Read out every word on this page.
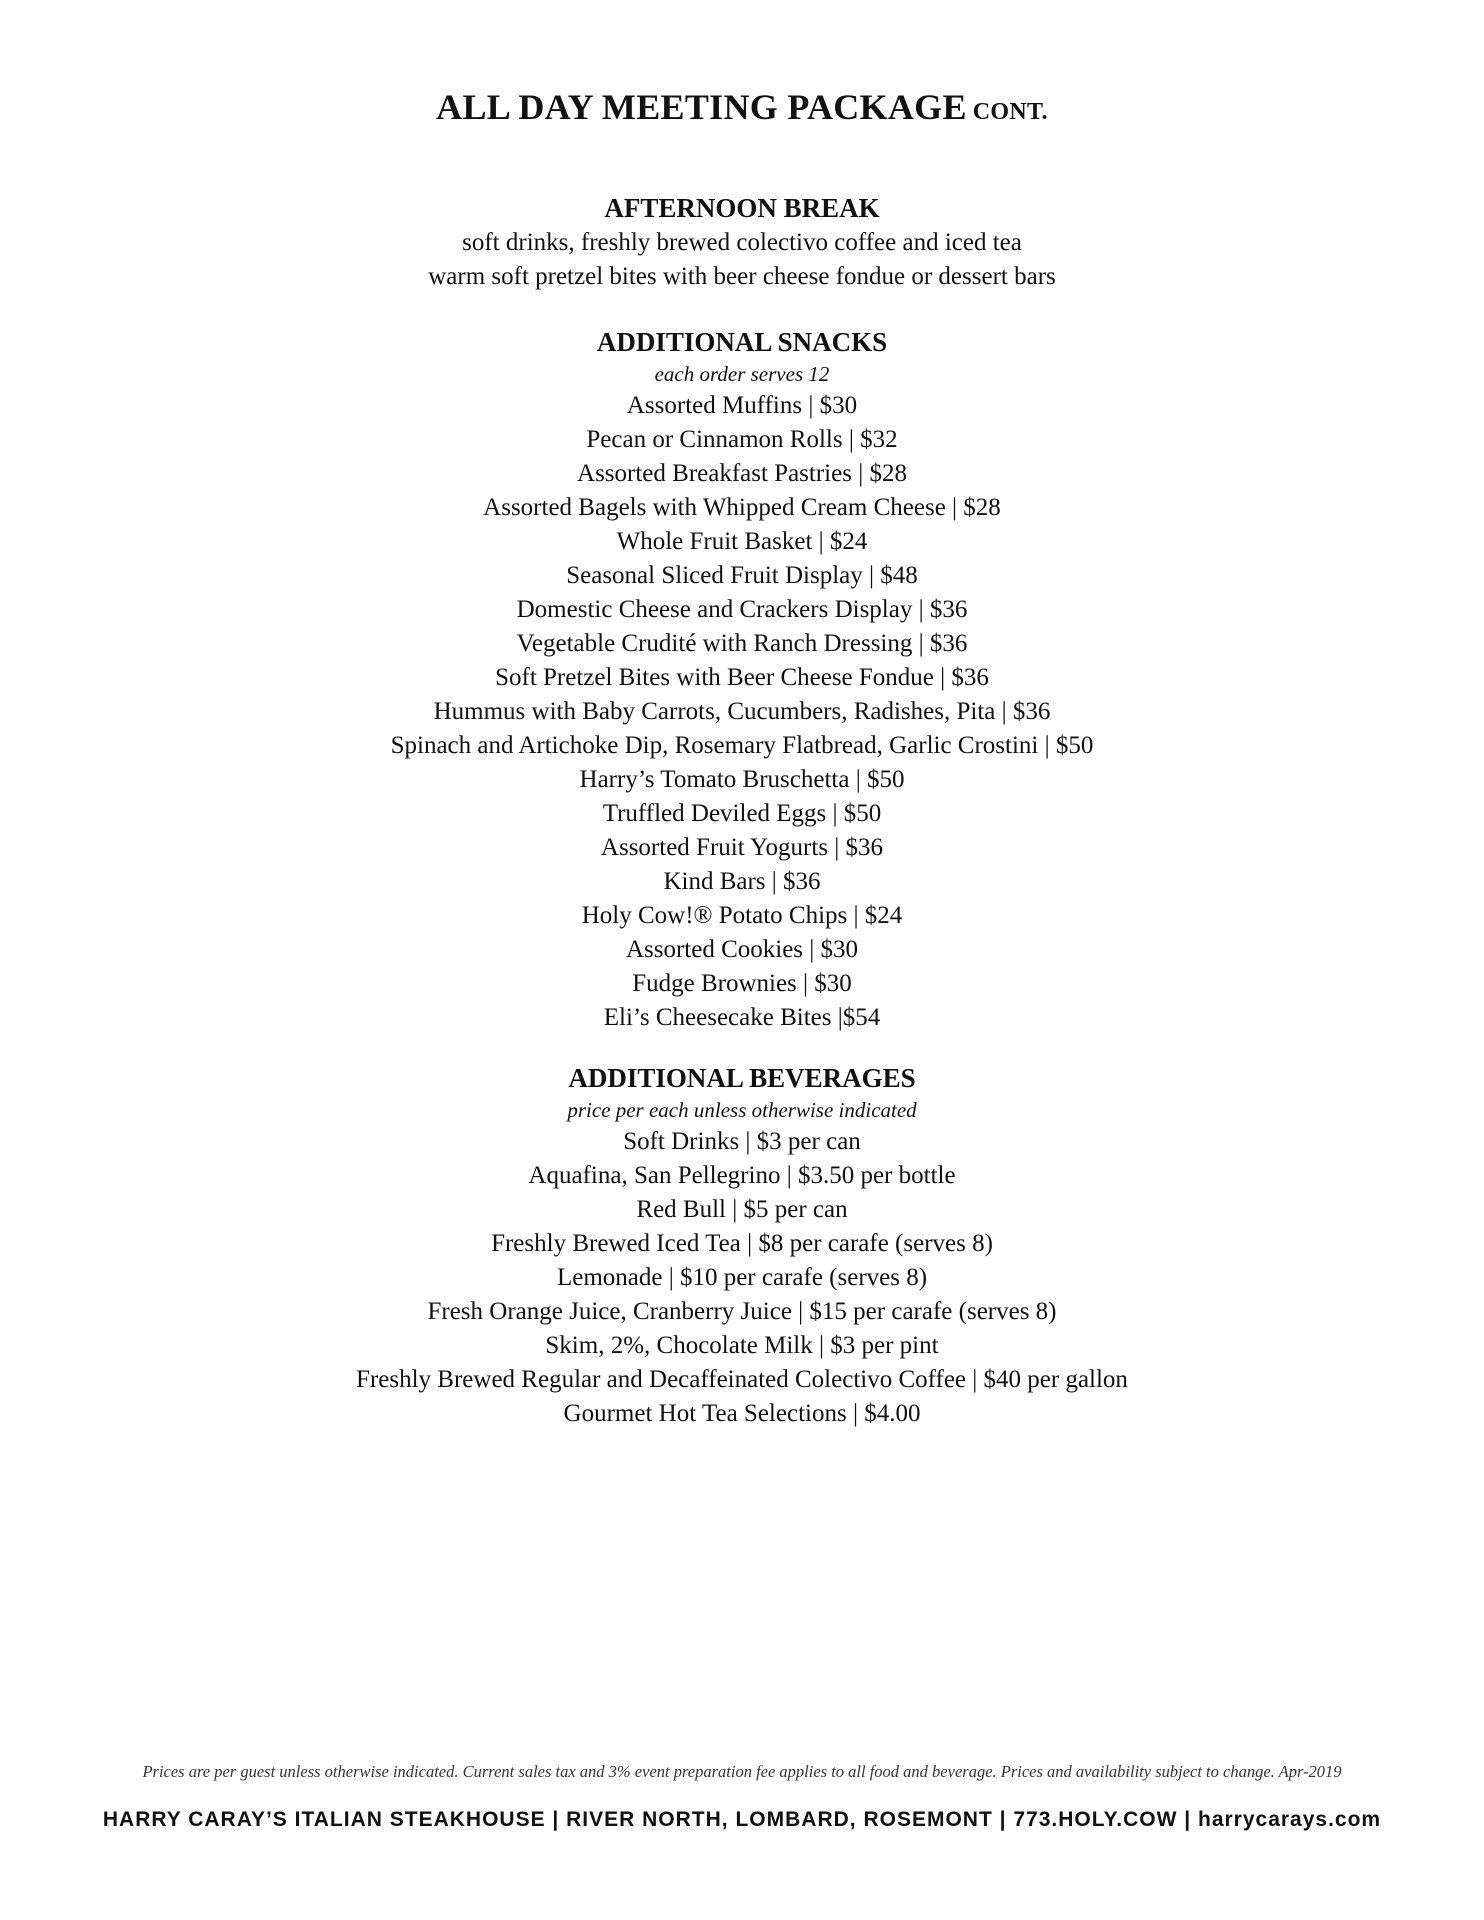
ALL DAY MEETING PACKAGE CONT.
AFTERNOON BREAK
soft drinks, freshly brewed colectivo coffee and iced tea
warm soft pretzel bites with beer cheese fondue or dessert bars
ADDITIONAL SNACKS
each order serves 12
Assorted Muffins | $30
Pecan or Cinnamon Rolls | $32
Assorted Breakfast Pastries | $28
Assorted Bagels with Whipped Cream Cheese | $28
Whole Fruit Basket | $24
Seasonal Sliced Fruit Display | $48
Domestic Cheese and Crackers Display | $36
Vegetable Crudité with Ranch Dressing | $36
Soft Pretzel Bites with Beer Cheese Fondue | $36
Hummus with Baby Carrots, Cucumbers, Radishes, Pita | $36
Spinach and Artichoke Dip, Rosemary Flatbread, Garlic Crostini | $50
Harry’s Tomato Bruschetta | $50
Truffled Deviled Eggs | $50
Assorted Fruit Yogurts | $36
Kind Bars | $36
Holy Cow!® Potato Chips | $24
Assorted Cookies | $30
Fudge Brownies | $30
Eli’s Cheesecake Bites |$54
ADDITIONAL BEVERAGES
price per each unless otherwise indicated
Soft Drinks | $3 per can
Aquafina, San Pellegrino | $3.50 per bottle
Red Bull | $5 per can
Freshly Brewed Iced Tea | $8 per carafe (serves 8)
Lemonade | $10 per carafe (serves 8)
Fresh Orange Juice, Cranberry Juice | $15 per carafe (serves 8)
Skim, 2%, Chocolate Milk | $3 per pint
Freshly Brewed Regular and Decaffeinated Colectivo Coffee | $40 per gallon
Gourmet Hot Tea Selections | $4.00
Prices are per guest unless otherwise indicated. Current sales tax and 3% event preparation fee applies to all food and beverage. Prices and availability subject to change. Apr-2019
HARRY CARAY’S ITALIAN STEAKHOUSE | RIVER NORTH, LOMBARD, ROSEMONT | 773.HOLY.COW | harrycarays.com
